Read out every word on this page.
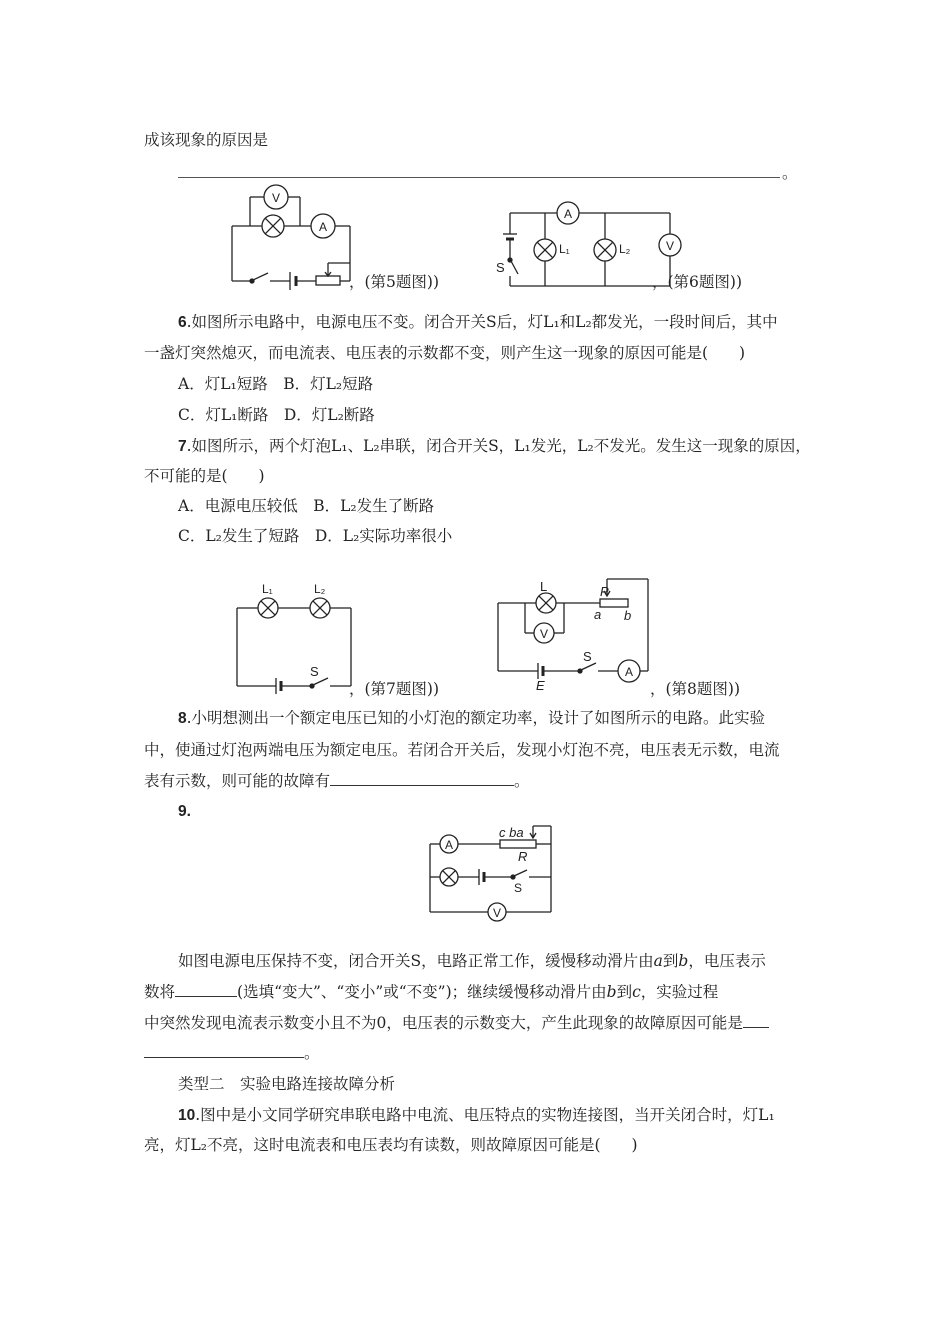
成该现象的原因是
。
V
A
，(第5题图))
A
V
S
L₁	L₂
，(第6题图))
6.如图所示电路中，电源电压不变。闭合开关S后，灯L₁和L₂都发光，一段时间后，其中
一盏灯突然熄灭，而电流表、电压表的示数都不变，则产生这一现象的原因可能是(　　)
A．灯L₁短路　B．灯L₂短路
C．灯L₁断路　D．灯L₂断路
7.如图所示，两个灯泡L₁、L₂串联，闭合开关S，L₁发光，L₂不发光。发生这一现象的原因，
不可能的是(　　)
A．电源电压较低　B．L₂发生了断路
C．L₂发生了短路　D．L₂实际功率很小
L₁	L₂
S
，(第7题图))
V
A
L	P
a b
S
E	，(第8题图))
8.小明想测出一个额定电压已知的小灯泡的额定功率，设计了如图所示的电路。此实验
中，使通过灯泡两端电压为额定电压。若闭合开关后，发现小灯泡不亮，电压表无示数，电流
表有示数，则可能的故障有	。
9.
A
V
c ba
R
S
如图电源电压保持不变，闭合开关S，电路正常工作，缓慢移动滑片由a到b，电压表示
数将	(选填“变大”、“变小”或“不变”)；继续缓慢移动滑片由b到c，实验过程
中突然发现电流表示数变小且不为0，电压表的示数变大，产生此现象的故障原因可能是
。
类型二　实验电路连接故障分析
10.图中是小文同学研究串联电路中电流、电压特点的实物连接图，当开关闭合时，灯L₁
亮，灯L₂不亮，这时电流表和电压表均有读数，则故障原因可能是(　　)
